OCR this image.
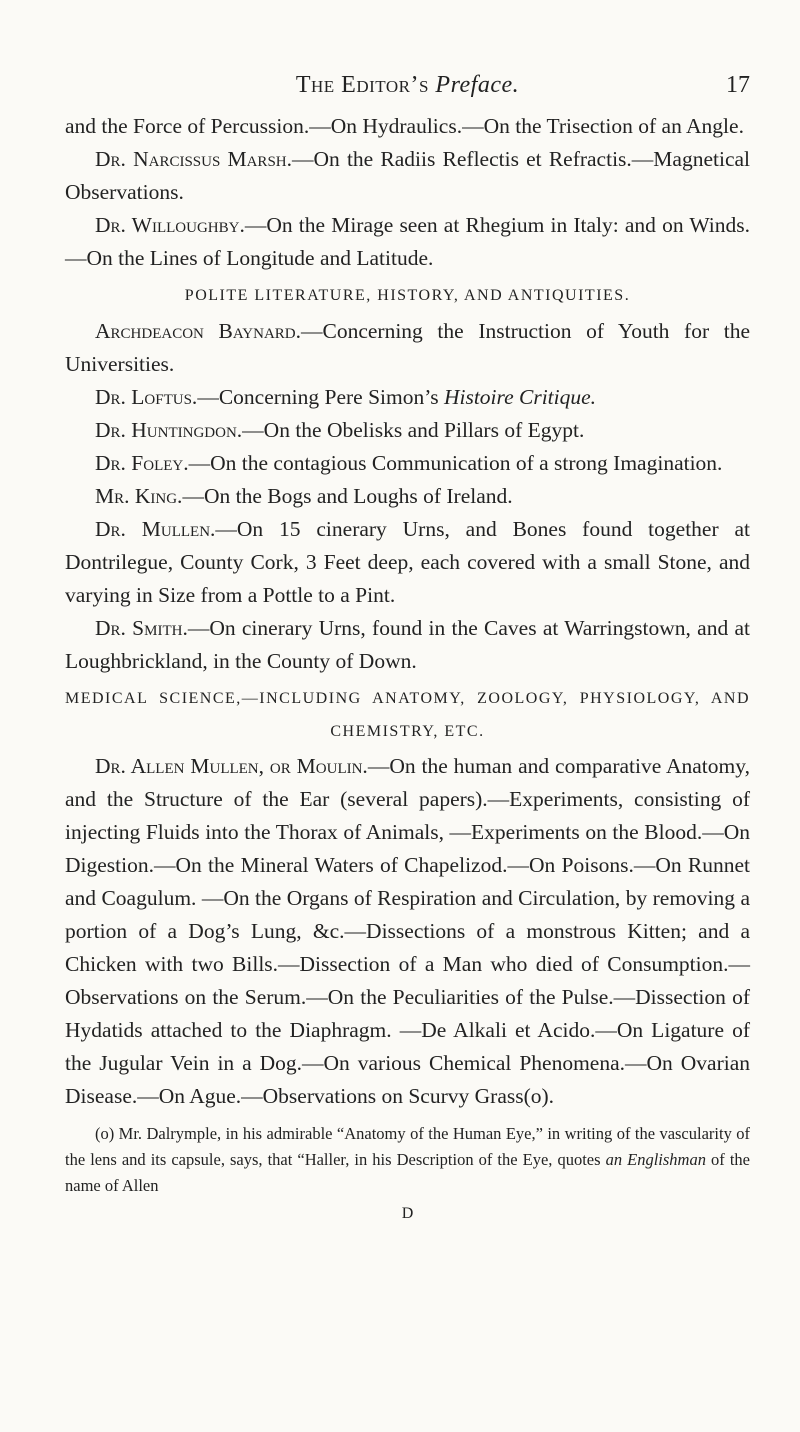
The Editor’s Preface.	17

and the Force of Percussion.—On Hydraulics.—On the Trisection of an Angle.

Dr. Narcissus Marsh.—On the Radiis Reflectis et Refractis.—Magnetical Observations.

Dr. Willoughby.—On the Mirage seen at Rhegium in Italy: and on Winds.—On the Lines of Longitude and Latitude.

POLITE LITERATURE, HISTORY, AND ANTIQUITIES.

Archdeacon Baynard.—Concerning the Instruction of Youth for the Universities.

Dr. Loftus.—Concerning Pere Simon’s Histoire Critique.

Dr. Huntingdon.—On the Obelisks and Pillars of Egypt.

Dr. Foley.—On the contagious Communication of a strong Imagination.

Mr. King.—On the Bogs and Loughs of Ireland.

Dr. Mullen.—On 15 cinerary Urns, and Bones found together at Dontrilegue, County Cork, 3 Feet deep, each covered with a small Stone, and varying in Size from a Pottle to a Pint.

Dr. Smith.—On cinerary Urns, found in the Caves at Warringstown, and at Loughbrickland, in the County of Down.

MEDICAL SCIENCE,—INCLUDING ANATOMY, ZOOLOGY, PHYSIOLOGY, AND CHEMISTRY, ETC.

Dr. Allen Mullen, or Moulin.—On the human and comparative Anatomy, and the Structure of the Ear (several papers).—Experiments, consisting of injecting Fluids into the Thorax of Animals, —Experiments on the Blood.—On Digestion.—On the Mineral Waters of Chapelizod.—On Poisons.—On Runnet and Coagulum. —On the Organs of Respiration and Circulation, by removing a portion of a Dog’s Lung, &c.—Dissections of a monstrous Kitten; and a Chicken with two Bills.—Dissection of a Man who died of Consumption.—Observations on the Serum.—On the Peculiarities of the Pulse.—Dissection of Hydatids attached to the Diaphragm. —De Alkali et Acido.—On Ligature of the Jugular Vein in a Dog.—On various Chemical Phenomena.—On Ovarian Disease.—On Ague.—Observations on Scurvy Grass(o).

(o) Mr. Dalrymple, in his admirable “Anatomy of the Human Eye,” in writing of the vascularity of the lens and its capsule, says, that “Haller, in his Description of the Eye, quotes an Englishman of the name of Allen

D
